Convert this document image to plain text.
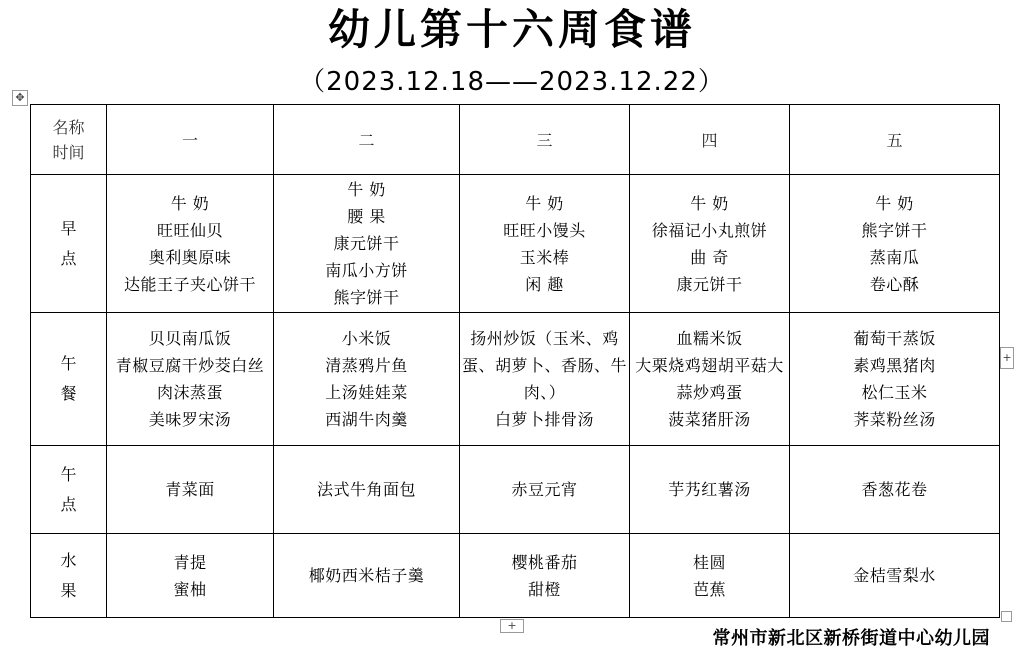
幼儿第十六周食谱
（2023.12.18——2023.12.22）
✥
名称
时间	一	二	三	四	五

早
点	牛 奶
旺旺仙贝
奥利奥原味
达能王子夹心饼干	牛 奶
腰 果
康元饼干
南瓜小方饼
熊字饼干	牛 奶
旺旺小馒头
玉米棒
闲 趣	牛 奶
徐福记小丸煎饼
曲 奇
康元饼干	牛 奶
熊字饼干
蒸南瓜
卷心酥

午
餐	贝贝南瓜饭
青椒豆腐干炒茭白丝
肉沫蒸蛋
美味罗宋汤	小米饭
清蒸鸦片鱼
上汤娃娃菜
西湖牛肉羹	扬州炒饭（玉米、鸡
蛋、胡萝卜、香肠、牛
肉、）
白萝卜排骨汤	血糯米饭
大栗烧鸡翅胡平菇大
蒜炒鸡蛋
菠菜猪肝汤	葡萄干蒸饭
素鸡黑猪肉
松仁玉米
荠菜粉丝汤

午
点	青菜面	法式牛角面包	赤豆元宵	芋艿红薯汤	香葱花卷

水
果	青提
蜜柚	椰奶西米桔子羹	樱桃番茄
甜橙	桂圆
芭蕉	金桔雪梨水
+
+
常州市新北区新桥街道中心幼儿园
